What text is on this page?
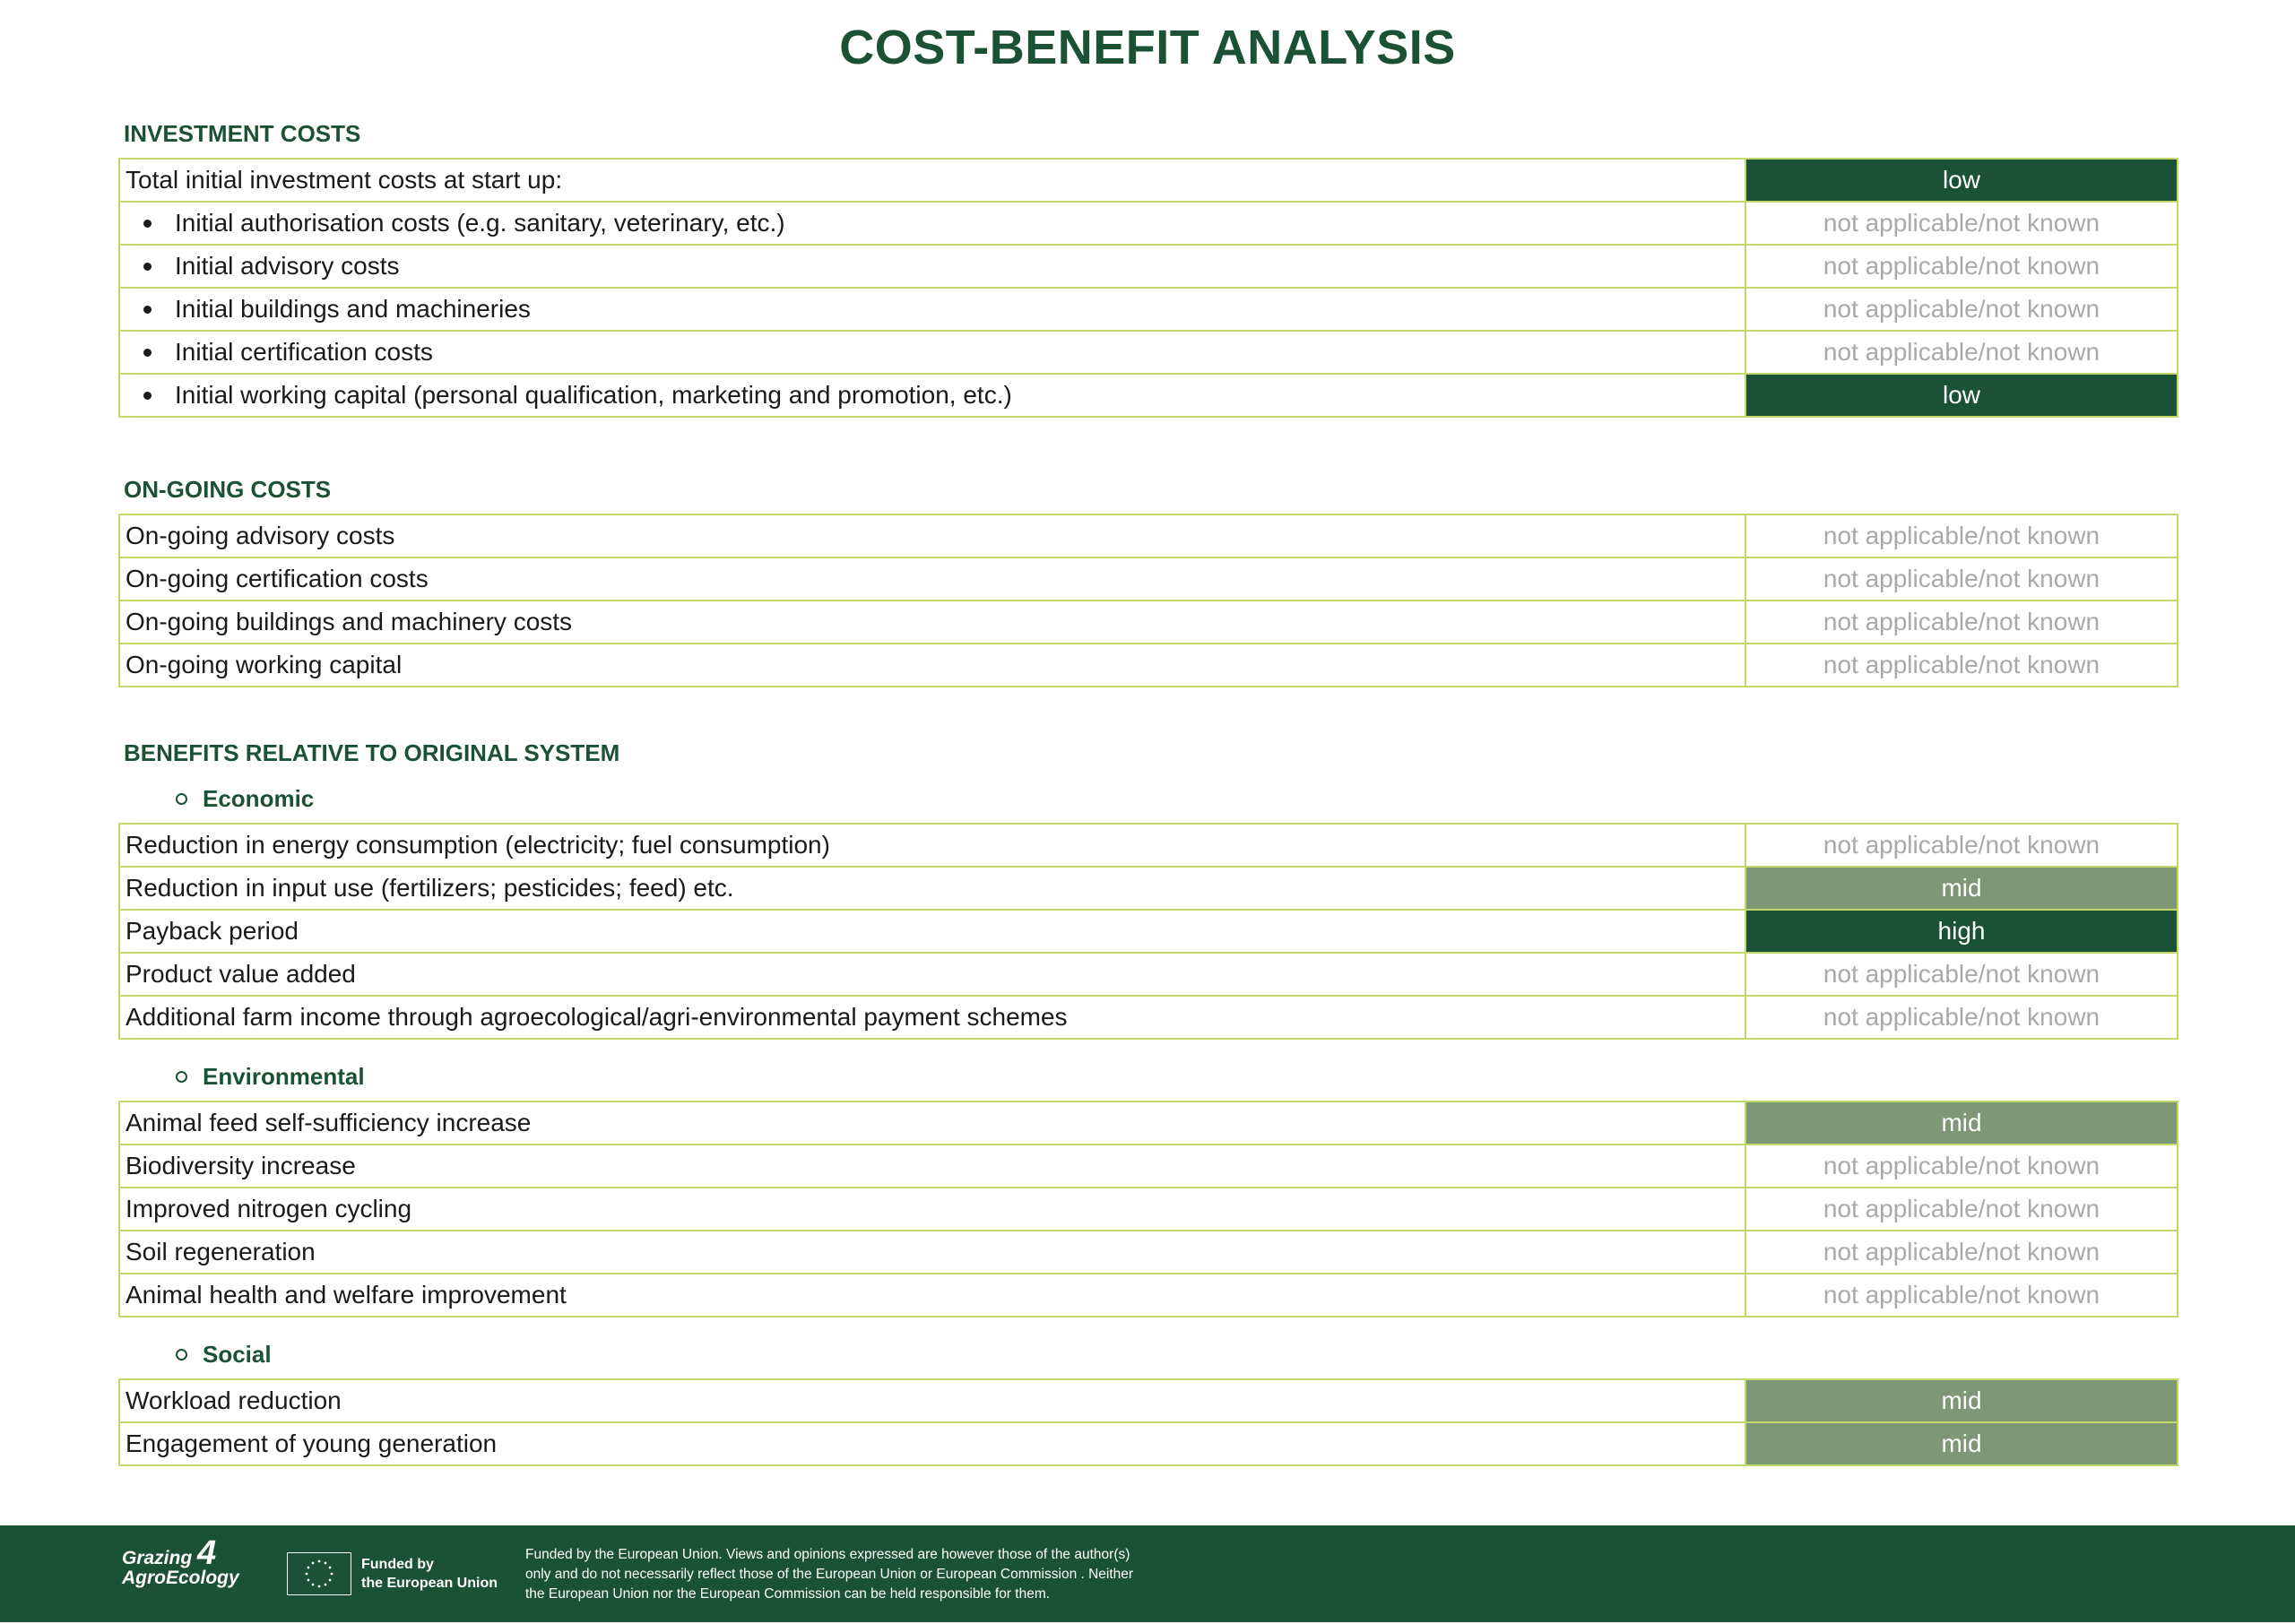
COST-BENEFIT ANALYSIS
INVESTMENT COSTS
Total initial investment costs at start up:	low

Initial authorisation costs (e.g. sanitary, veterinary, etc.)	not applicable/not known

Initial advisory costs	not applicable/not known

Initial buildings and machineries	not applicable/not known

Initial certification costs	not applicable/not known

Initial working capital (personal qualification, marketing and promotion, etc.)	low
ON-GOING COSTS
On-going advisory costs	not applicable/not known
On-going certification costs	not applicable/not known
On-going buildings and machinery costs	not applicable/not known
On-going working capital	not applicable/not known
BENEFITS RELATIVE TO ORIGINAL SYSTEM
Economic
Reduction in energy consumption (electricity; fuel consumption)	not applicable/not known
Reduction in input use (fertilizers; pesticides; feed) etc.	mid
Payback period	high
Product value added	not applicable/not known
Additional farm income through agroecological/agri-environmental payment schemes	not applicable/not known
Environmental
Animal feed self-sufficiency increase	mid
Biodiversity increase	not applicable/not known
Improved nitrogen cycling	not applicable/not known
Soil regeneration	not applicable/not known
Animal health and welfare improvement	not applicable/not known
Social
Workload reduction	mid
Engagement of young generation	mid
Grazing
AgroEcology
4	Funded by
the European Union
Funded by the European Union. Views and opinions expressed are however those of the author(s)
only and do not necessarily reflect those of the European Union or European Commission . Neither
the European Union nor the European Commission can be held responsible for them.
